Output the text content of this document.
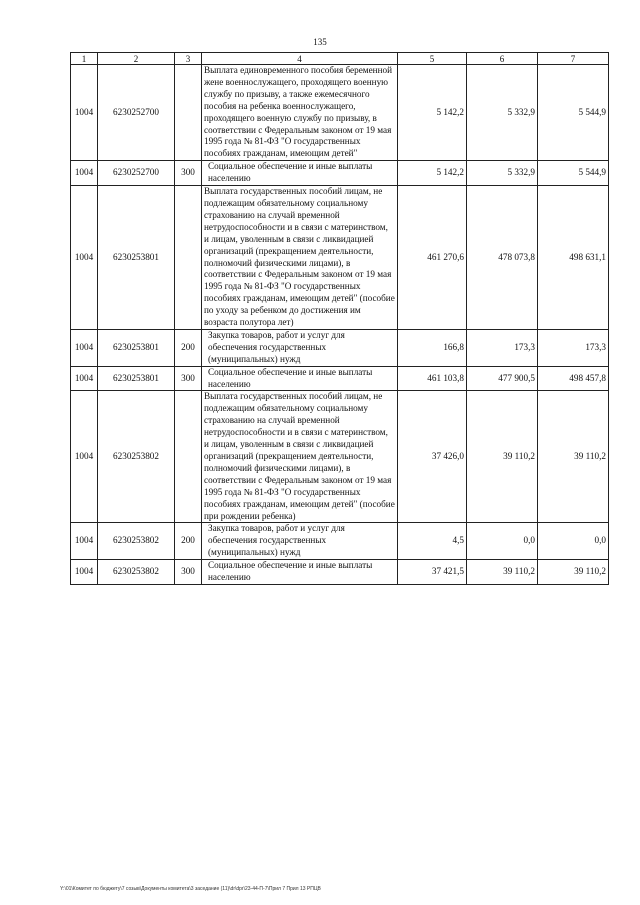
135
1	2	3	4	5	6	7
1004	6230252700		Выплата единовременного пособия беременной жене военнослужащего, проходящего военную службу по призыву, а также ежемесячного пособия на ребенка военнослужащего, проходящего военную службу по призыву, в соответствии с Федеральным законом от 19 мая 1995 года № 81-ФЗ "О государственных пособиях гражданам, имеющим детей"	5 142,2	5 332,9	5 544,9
1004	6230252700	300	Социальное обеспечение и иные выплаты населению	5 142,2	5 332,9	5 544,9
1004	6230253801		Выплата государственных пособий лицам, не подлежащим обязательному социальному страхованию на случай временной нетрудоспособности и в связи с материнством, и лицам, уволенным в связи с ликвидацией организаций (прекращением деятельности, полномочий физическими лицами), в соответствии с Федеральным законом от 19 мая 1995 года № 81-ФЗ "О государственных пособиях гражданам, имеющим детей" (пособие по уходу за ребенком до достижения им возраста полутора лет)	461 270,6	478 073,8	498 631,1
1004	6230253801	200	Закупка товаров, работ и услуг для обеспечения государственных (муниципальных) нужд	166,8	173,3	173,3
1004	6230253801	300	Социальное обеспечение и иные выплаты населению	461 103,8	477 900,5	498 457,8
1004	6230253802		Выплата государственных пособий лицам, не подлежащим обязательному социальному страхованию на случай временной нетрудоспособности и в связи с материнством, и лицам, уволенным в связи с ликвидацией организаций (прекращением деятельности, полномочий физическими лицами), в соответствии с Федеральным законом от 19 мая 1995 года № 81-ФЗ "О государственных пособиях гражданам, имеющим детей" (пособие при рождении ребенка)	37 426,0	39 110,2	39 110,2
1004	6230253802	200	Закупка товаров, работ и услуг для обеспечения государственных (муниципальных) нужд	4,5	0,0	0,0
1004	6230253802	300	Социальное обеспечение и иные выплаты населению	37 421,5	39 110,2	39 110,2
Y:\01\Комитет по бюджету\7 созыв\Документы комитета\3 заседание (11)\dr\dpr\23-44-П-7\Прил 7 Прил 13 РПЦВ
